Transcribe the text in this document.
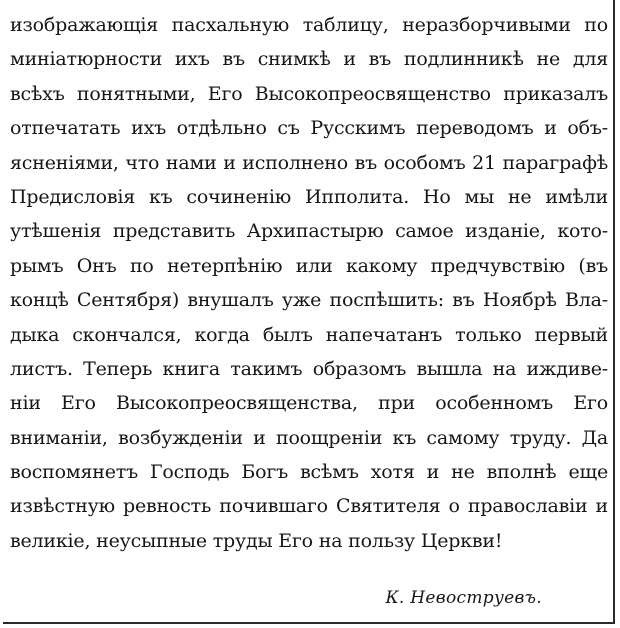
изображающія пасхальную таблицу, неразборчивыми по
миніатюрности ихъ въ снимкѣ и въ подлинникѣ не для
всѣхъ понятными, Его Высокопреосвященство приказалъ
отпечатать ихъ отдѣльно съ Русскимъ переводомъ и объ-
ясненіями, что нами и исполнено въ особомъ 21 параграфѣ
Предисловія къ сочиненію Ипполита. Но мы не имѣли
утѣшенія представить Архипастырю самое изданіе, кото-
рымъ Онъ по нетерпѣнію или какому предчувствію (въ
концѣ Сентября) внушалъ уже поспѣшить: въ Ноябрѣ Вла-
дыка скончался, когда былъ напечатанъ только первый
листъ. Теперь книга такимъ образомъ вышла на иждиве-
ніи Его Высокопреосвященства, при особенномъ Его
вниманіи, возбужденіи и поощреніи къ самому труду. Да
воспомянетъ Господь Богъ всѣмъ хотя и не вполнѣ еще
извѣстную ревность почившаго Святителя о православіи и
великіе, неусыпные труды Его на пользу Церкви!
К. Невоструевъ.
